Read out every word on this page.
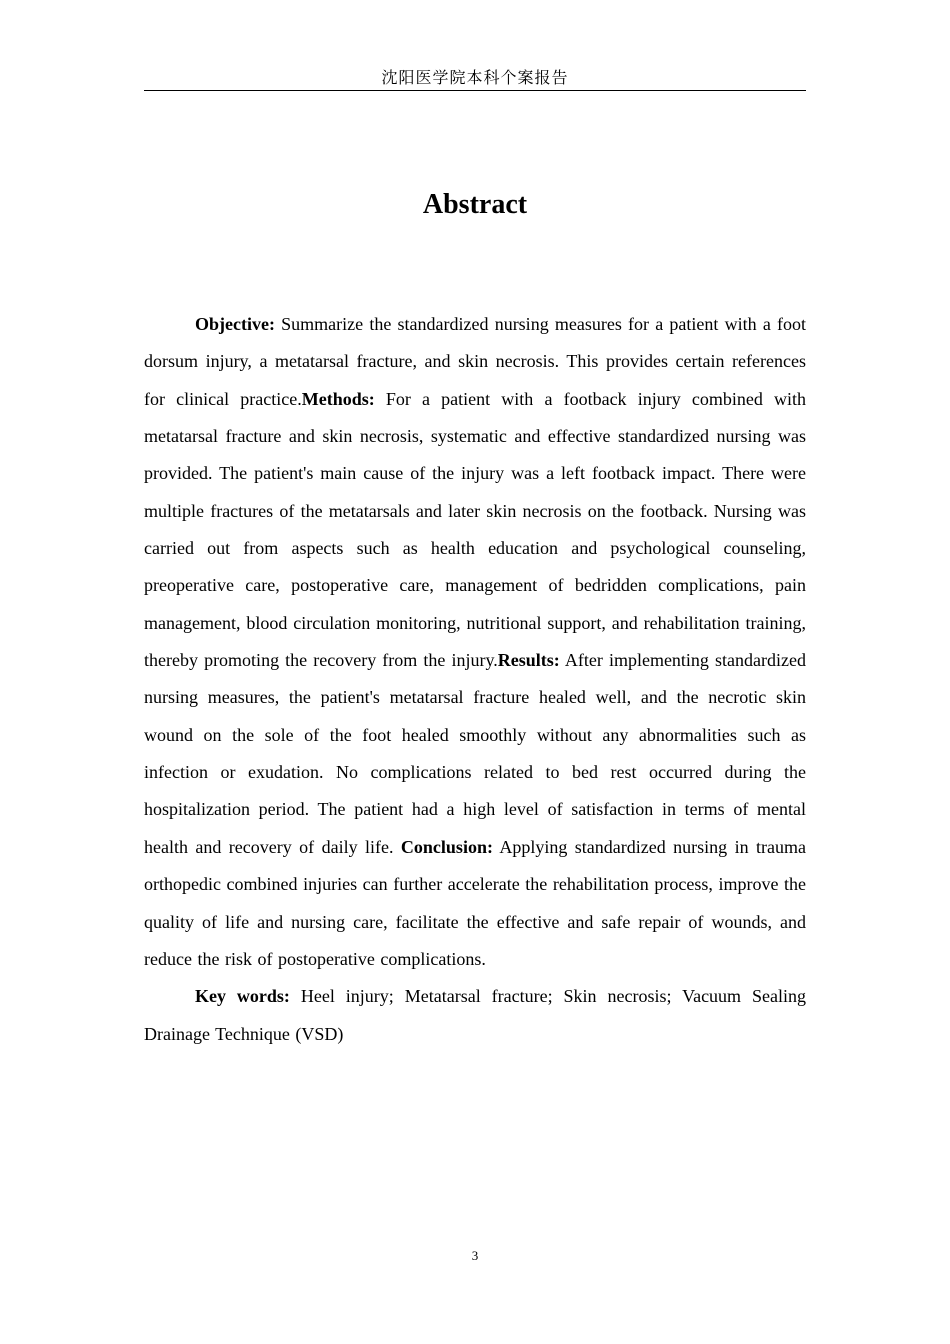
沈阳医学院本科个案报告
Abstract

Objective: Summarize the standardized nursing measures for a patient with a foot dorsum injury, a metatarsal fracture, and skin necrosis. This provides certain references for clinical practice.Methods: For a patient with a footback injury combined with metatarsal fracture and skin necrosis, systematic and effective standardized nursing was provided. The patient's main cause of the injury was a left footback impact. There were multiple fractures of the metatarsals and later skin necrosis on the footback. Nursing was carried out from aspects such as health education and psychological counseling, preoperative care, postoperative care, management of bedridden complications, pain management, blood circulation monitoring, nutritional support, and rehabilitation training, thereby promoting the recovery from the injury.Results: After implementing standardized nursing measures, the patient's metatarsal fracture healed well, and the necrotic skin wound on the sole of the foot healed smoothly without any abnormalities such as infection or exudation. No complications related to bed rest occurred during the hospitalization period. The patient had a high level of satisfaction in terms of mental health and recovery of daily life. Conclusion: Applying standardized nursing in trauma orthopedic combined injuries can further accelerate the rehabilitation process, improve the quality of life and nursing care, facilitate the effective and safe repair of wounds, and reduce the risk of postoperative complications.

Key words: Heel injury; Metatarsal fracture; Skin necrosis; Vacuum Sealing Drainage Technique (VSD)

3
